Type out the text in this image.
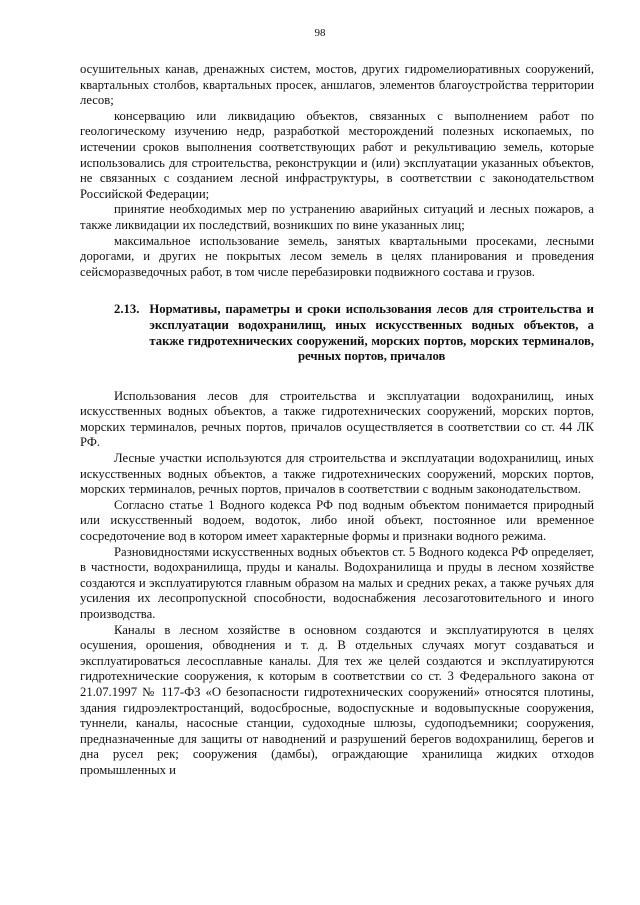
98

осушительных канав, дренажных систем, мостов, других гидромелиоративных сооружений, квартальных столбов, квартальных просек, аншлагов, элементов благоустройства территории лесов;

консервацию или ликвидацию объектов, связанных с выполнением работ по геологическому изучению недр, разработкой месторождений полезных ископаемых, по истечении сроков выполнения соответствующих работ и рекультивацию земель, которые использовались для строительства, реконструкции и (или) эксплуатации указанных объектов, не связанных с созданием лесной инфраструктуры, в соответствии с законодательством Российской Федерации;

принятие необходимых мер по устранению аварийных ситуаций и лесных пожаров, а также ликвидации их последствий, возникших по вине указанных лиц;

максимальное использование земель, занятых квартальными просеками, лесными дорогами, и других не покрытых лесом земель в целях планирования и проведения сейсморазведочных работ, в том числе перебазировки подвижного состава и грузов.

2.13. Нормативы, параметры и сроки использования лесов для строительства и эксплуатации водохранилищ, иных искусственных водных объектов, а также гидротехнических сооружений, морских портов, морских терминалов, речных портов, причалов

Использования лесов для строительства и эксплуатации водохранилищ, иных искусственных водных объектов, а также гидротехнических сооружений, морских портов, морских терминалов, речных портов, причалов осуществляется в соответствии со ст. 44 ЛК РФ.

Лесные участки используются для строительства и эксплуатации водохранилищ, иных искусственных водных объектов, а также гидротехнических сооружений, морских портов, морских терминалов, речных портов, причалов в соответствии с водным законодательством.

Согласно статье 1 Водного кодекса РФ под водным объектом понимается природный или искусственный водоем, водоток, либо иной объект, постоянное или временное сосредоточение вод в котором имеет характерные формы и признаки водного режима.

Разновидностями искусственных водных объектов ст. 5 Водного кодекса РФ определяет, в частности, водохранилища, пруды и каналы. Водохранилища и пруды в лесном хозяйстве создаются и эксплуатируются главным образом на малых и средних реках, а также ручьях для усиления их лесопропускной способности, водоснабжения лесозаготовительного и иного производства.

Каналы в лесном хозяйстве в основном создаются и эксплуатируются в целях осушения, орошения, обводнения и т. д. В отдельных случаях могут создаваться и эксплуатироваться лесосплавные каналы. Для тех же целей создаются и эксплуатируются гидротехнические сооружения, к которым в соответствии со ст. 3 Федерального закона от 21.07.1997 № 117-ФЗ «О безопасности гидротехнических сооружений» относятся плотины, здания гидроэлектростанций, водосбросные, водоспускные и водовыпускные сооружения, туннели, каналы, насосные станции, судоходные шлюзы, судоподъемники; сооружения, предназначенные для защиты от наводнений и разрушений берегов водохранилищ, берегов и дна русел рек; сооружения (дамбы), ограждающие хранилища жидких отходов промышленных и
